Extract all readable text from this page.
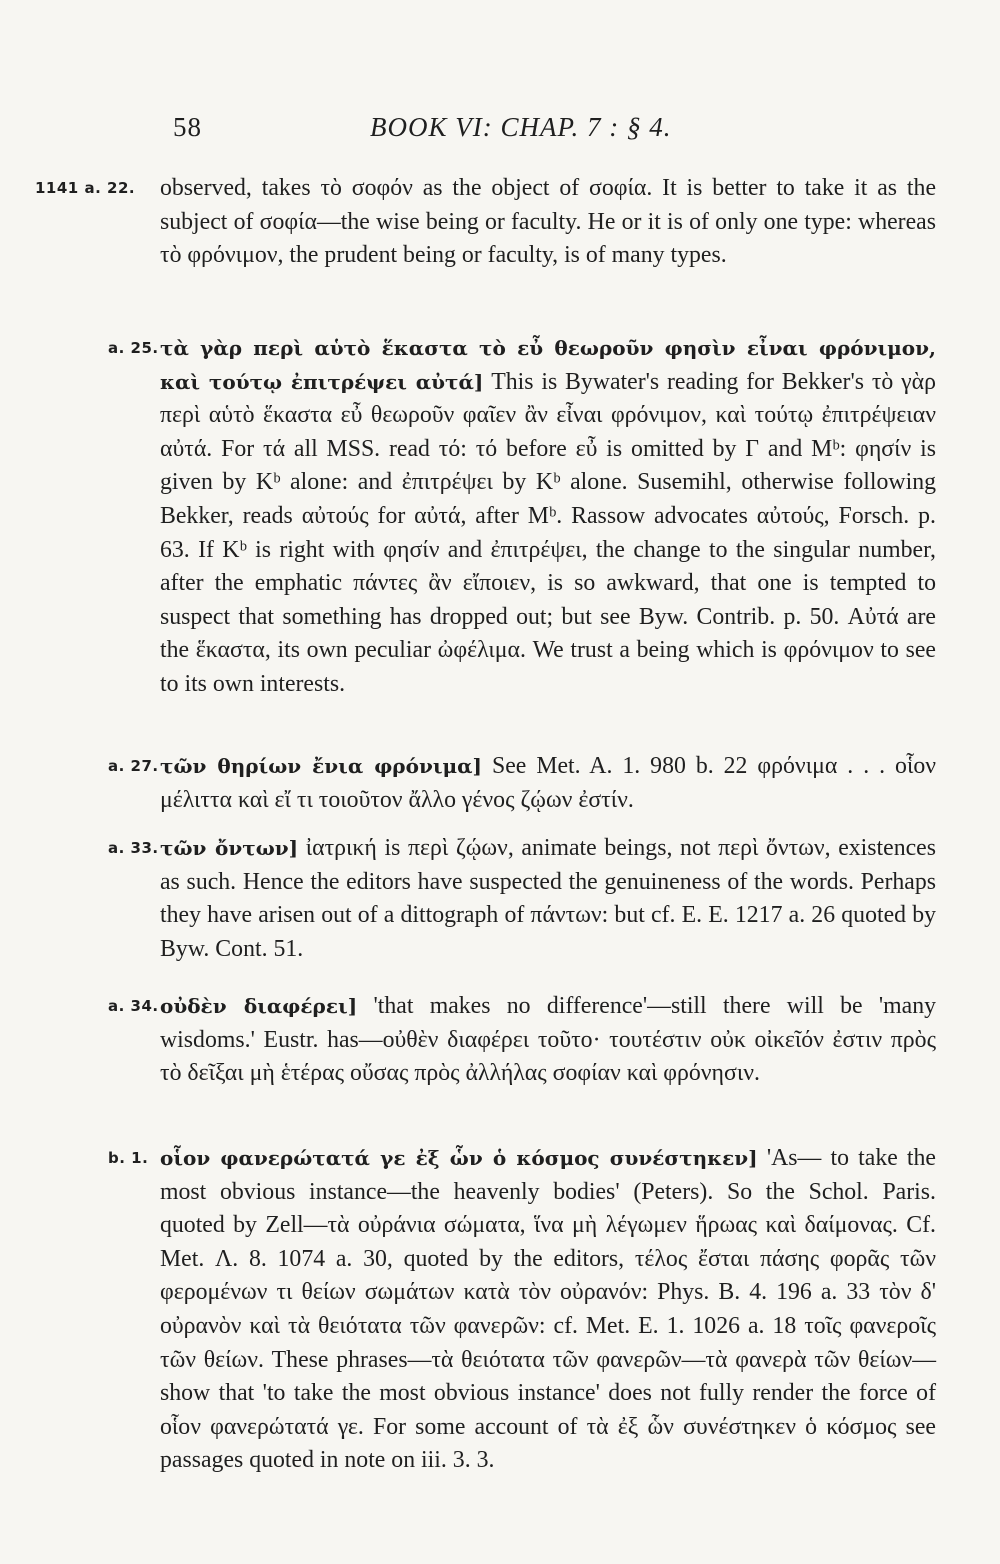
58	BOOK VI: CHAP. 7 : § 4.
1141 a. 22. observed, takes τὸ σοφόν as the object of σοφία. It is better to take it as the subject of σοφία—the wise being or faculty. He or it is of only one type: whereas τὸ φρόνιμον, the prudent being or faculty, is of many types.
a. 25. τὰ γὰρ περὶ αὑτὸ ἕκαστα τὸ εὖ θεωροῦν φησὶν εἶναι φρόνιμον, καὶ τούτῳ ἐπιτρέψει αὐτά] This is Bywater's reading for Bekker's τὸ γὰρ περὶ αὑτὸ ἕκαστα εὖ θεωροῦν φαῖεν ἂν εἶναι φρόνιμον, καὶ τούτῳ ἐπιτρέψειαν αὐτά. For τά all MSS. read τό: τό before εὖ is omitted by Γ and Mᵇ: φησίν is given by Kᵇ alone: and ἐπιτρέψει by Kᵇ alone. Susemihl, otherwise following Bekker, reads αὐτούς for αὐτά, after Mᵇ. Rassow advocates αὐτούς, Forsch. p. 63. If Kᵇ is right with φησίν and ἐπιτρέψει, the change to the singular number, after the emphatic πάντες ἂν εἴποιεν, is so awkward, that one is tempted to suspect that something has dropped out; but see Byw. Contrib. p. 50. Αὐτά are the ἕκαστα, its own peculiar ὠφέλιμα. We trust a being which is φρόνιμον to see to its own interests.
a. 27. τῶν θηρίων ἔνια φρόνιμα] See Met. A. 1. 980 b. 22 φρόνιμα . . . οἷον μέλιττα καὶ εἴ τι τοιοῦτον ἄλλο γένος ζῴων ἐστίν.
a. 33. τῶν ὄντων] ἰατρική is περὶ ζῴων, animate beings, not περὶ ὄντων, existences as such. Hence the editors have suspected the genuineness of the words. Perhaps they have arisen out of a dittograph of πάντων: but cf. E. E. 1217 a. 26 quoted by Byw. Cont. 51.
a. 34. οὐδὲν διαφέρει] 'that makes no difference'—still there will be 'many wisdoms.' Eustr. has—οὐθὲν διαφέρει τοῦτο· τουτέστιν οὐκ οἰκεῖόν ἐστιν πρὸς τὸ δεῖξαι μὴ ἑτέρας οὔσας πρὸς ἀλλήλας σοφίαν καὶ φρόνησιν.
b. 1. οἷον φανερώτατά γε ἐξ ὧν ὁ κόσμος συνέστηκεν] 'As— to take the most obvious instance—the heavenly bodies' (Peters). So the Schol. Paris. quoted by Zell—τὰ οὐράνια σώματα, ἵνα μὴ λέγωμεν ἥρωας καὶ δαίμονας. Cf. Met. Λ. 8. 1074 a. 30, quoted by the editors, τέλος ἔσται πάσης φορᾶς τῶν φερομένων τι θείων σωμάτων κατὰ τὸν οὐρανόν: Phys. B. 4. 196 a. 33 τὸν δ' οὐρανὸν καὶ τὰ θειότατα τῶν φανερῶν: cf. Met. E. 1. 1026 a. 18 τοῖς φανεροῖς τῶν θείων. These phrases—τὰ θειότατα τῶν φανερῶν—τὰ φανερὰ τῶν θείων—show that 'to take the most obvious instance' does not fully render the force of οἷον φανερώτατά γε. For some account of τὰ ἐξ ὧν συνέστηκεν ὁ κόσμος see passages quoted in note on iii. 3. 3.
